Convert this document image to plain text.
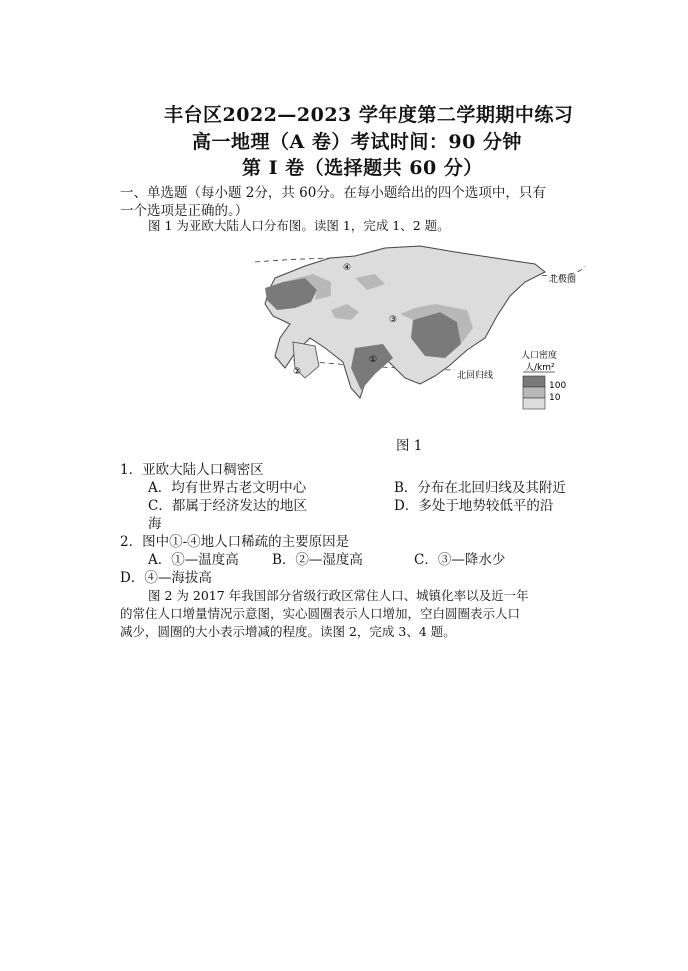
丰台区2022—2023 学年度第二学期期中练习
高一地理（A 卷）考试时间：90 分钟
第 I 卷（选择题共 60 分）
一、单选题（每小题 2分，共 60分。在每小题给出的四个选项中，只有
一个选项是正确的。）
图 1 为亚欧大陆人口分布图。读图 1，完成 1、2 题。
①
②
③
④
北极圈
北回归线
人口密度
人/km²
100
10
图 1
1．亚欧大陆人口稠密区
A．均有世界古老文明中心	B．分布在北回归线及其附近
C．都属于经济发达的地区	D．多处于地势较低平的沿
海
2．图中①-④地人口稀疏的主要原因是
A．①—温度高 B．②—湿度高	C．③—降水少
D．④—海拔高
图 2 为 2017 年我国部分省级行政区常住人口、城镇化率以及近一年
的常住人口增量情况示意图，实心圆圈表示人口增加，空白圆圈表示人口
减少，圆圈的大小表示增减的程度。读图 2，完成 3、4 题。
